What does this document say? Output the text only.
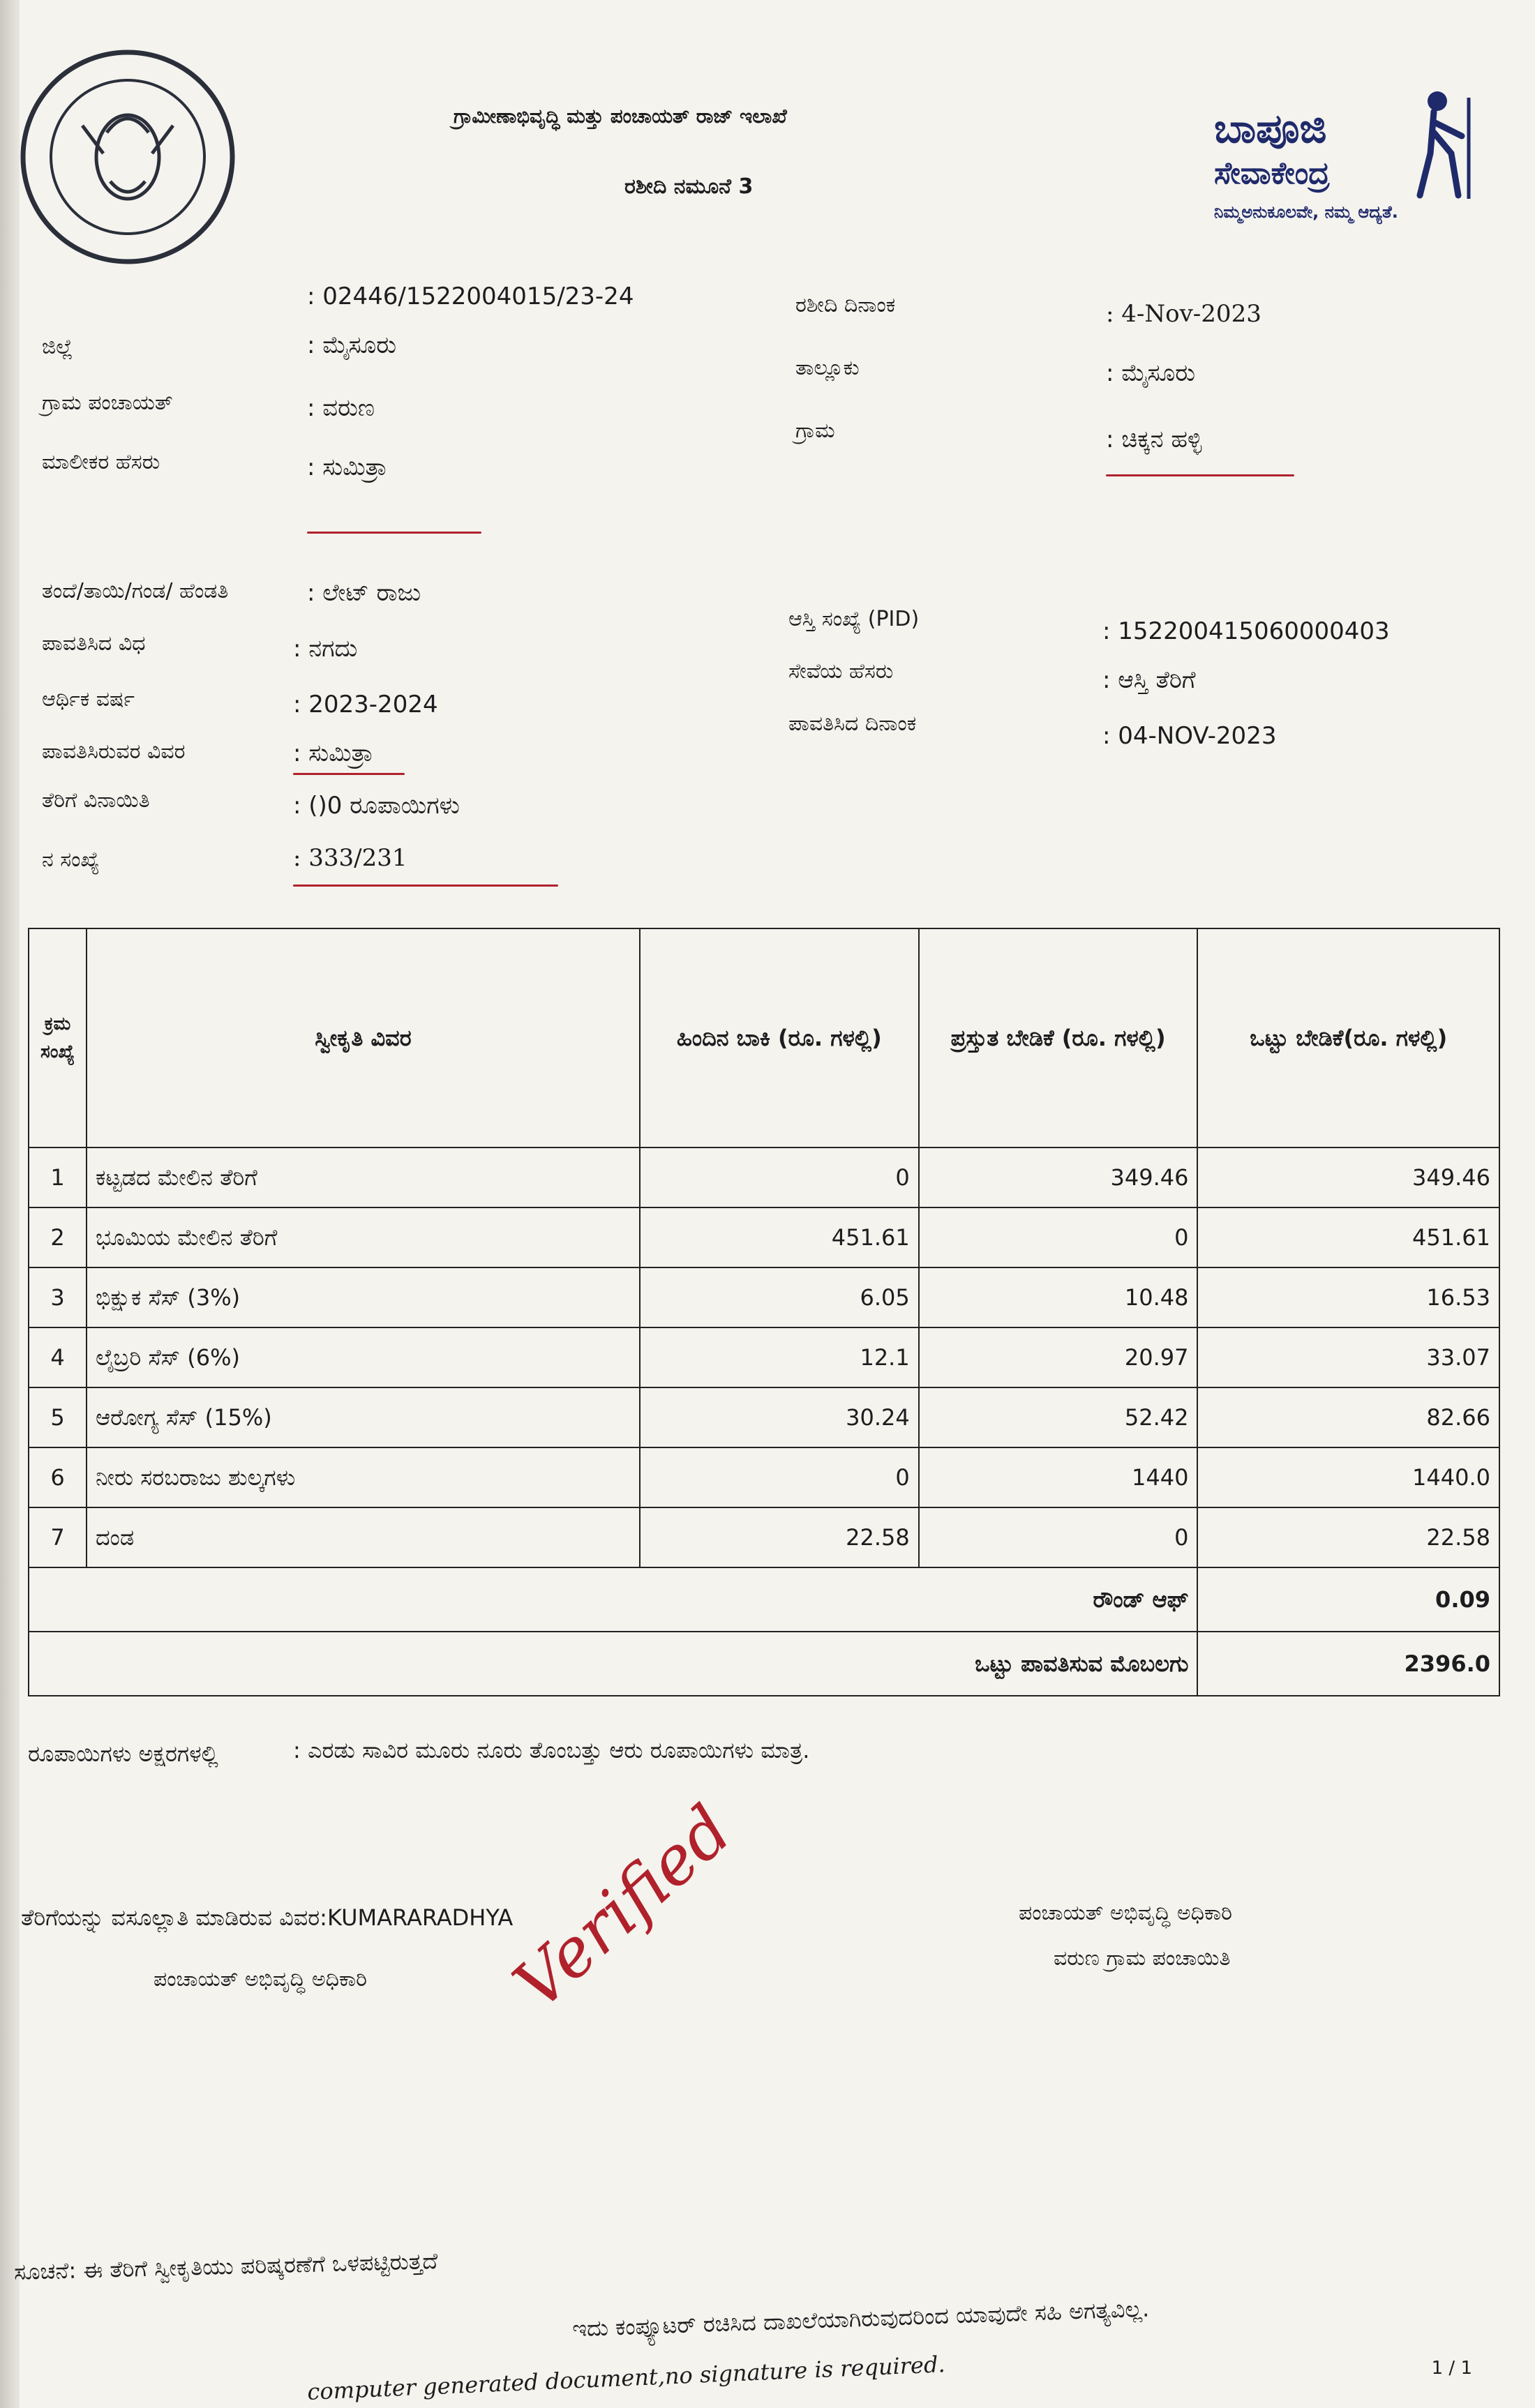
ಗ್ರಾಮೀಣಾಭಿವೃದ್ಧಿ ಮತ್ತು ಪಂಚಾಯತ್ ರಾಜ್ ಇಲಾಖೆ
ರಶೀದಿ ನಮೂನೆ 3
ಬಾಪೂಜಿ
ಸೇವಾಕೇಂದ್ರ
ನಿಮ್ಮಅನುಕೂಲವೇ, ನಮ್ಮ ಆದ್ಯತೆ.
: 02446/1522004015/23-24
ಜಿಲ್ಲೆ	: ಮೈಸೂರು
ಗ್ರಾಮ ಪಂಚಾಯತ್	: ವರುಣ
ಮಾಲೀಕರ ಹೆಸರು	: ಸುಮಿತ್ರಾ
ತಂದೆ/ತಾಯಿ/ಗಂಡ/ ಹೆಂಡತಿ	: ಲೇಟ್ ರಾಜು
ಪಾವತಿಸಿದ ವಿಧ	: ನಗದು
ಆರ್ಥಿಕ ವರ್ಷ	: 2023-2024
ಪಾವತಿಸಿರುವರ ವಿವರ	: ಸುಮಿತ್ರಾ
ತೆರಿಗೆ ವಿನಾಯಿತಿ	: ()0 ರೂಪಾಯಿಗಳು
ನ ಸಂಖ್ಯೆ	: 333/231
ರಶೀದಿ ದಿನಾಂಕ	: 4-Nov-2023
ತಾಲ್ಲೂಕು	: ಮೈಸೂರು
ಗ್ರಾಮ	: ಚಿಕ್ಕನ ಹಳ್ಳಿ
ಆಸ್ತಿ ಸಂಖ್ಯೆ (PID)	: 152200415060000403
ಸೇವೆಯ ಹೆಸರು	: ಆಸ್ತಿ ತೆರಿಗೆ
ಪಾವತಿಸಿದ ದಿನಾಂಕ	: 04-NOV-2023
ಕ್ರಮ ಸಂಖ್ಯೆ	ಸ್ವೀಕೃತಿ ವಿವರ	ಹಿಂದಿನ ಬಾಕಿ (ರೂ. ಗಳಲ್ಲಿ)	ಪ್ರಸ್ತುತ ಬೇಡಿಕೆ (ರೂ. ಗಳಲ್ಲಿ)	ಒಟ್ಟು ಬೇಡಿಕೆ(ರೂ. ಗಳಲ್ಲಿ)
1	ಕಟ್ಟಡದ ಮೇಲಿನ ತೆರಿಗೆ	0	349.46	349.46
2	ಭೂಮಿಯ ಮೇಲಿನ ತೆರಿಗೆ	451.61	0	451.61
3	ಭಿಕ್ಷುಕ ಸೆಸ್ (3%)	6.05	10.48	16.53
4	ಲೈಬ್ರರಿ ಸೆಸ್ (6%)	12.1	20.97	33.07
5	ಆರೋಗ್ಯ ಸೆಸ್ (15%)	30.24	52.42	82.66
6	ನೀರು ಸರಬರಾಜು ಶುಲ್ಕಗಳು	0	1440	1440.0
7	ದಂಡ	22.58	0	22.58
ರೌಂಡ್ ಆಫ್				0.09
ಒಟ್ಟು ಪಾವತಿಸುವ ಮೊಬಲಗು				2396.0
ರೂಪಾಯಿಗಳು ಅಕ್ಷರಗಳಲ್ಲಿ	: ಎರಡು ಸಾವಿರ ಮೂರು ನೂರು ತೊಂಬತ್ತು ಆರು ರೂಪಾಯಿಗಳು ಮಾತ್ರ.
ತೆರಿಗೆಯನ್ನು ವಸೂಲ್ಲಾತಿ ಮಾಡಿರುವ ವಿವರ:KUMARARADHYA
ಪಂಚಾಯತ್ ಅಭಿವೃದ್ಧಿ ಅಧಿಕಾರಿ
ಪಂಚಾಯತ್ ಅಭಿವೃದ್ಧಿ ಅಧಿಕಾರಿ
ವರುಣ ಗ್ರಾಮ ಪಂಚಾಯಿತಿ
Verified
ಸೂಚನೆ: ಈ ತೆರಿಗೆ ಸ್ವೀಕೃತಿಯು ಪರಿಷ್ಕರಣೆಗೆ ಒಳಪಟ್ಟಿರುತ್ತದೆ
ಇದು ಕಂಪ್ಯೂಟರ್ ರಚಿಸಿದ ದಾಖಲೆಯಾಗಿರುವುದರಿಂದ ಯಾವುದೇ ಸಹಿ ಅಗತ್ಯವಿಲ್ಲ.
computer generated document,no signature is required.	1 / 1
